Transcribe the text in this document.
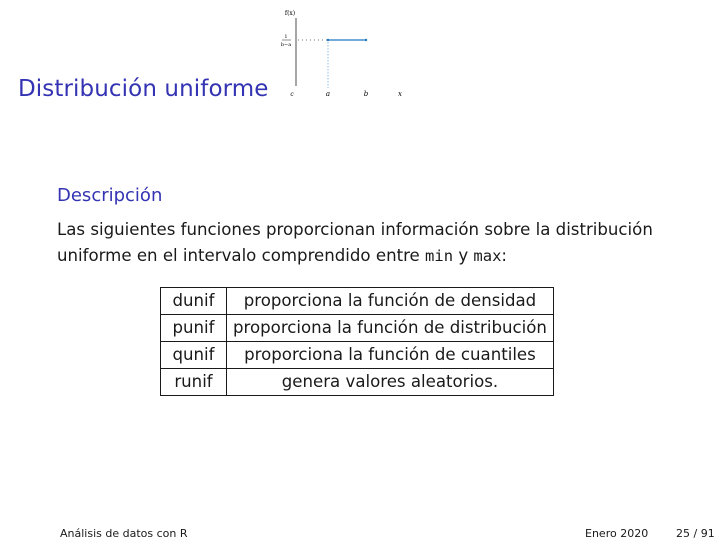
Distribución uniforme
f(x)
1
b−a
c	a	b	x
Descripción
Las siguientes funciones proporcionan información sobre la distribución uniforme en el intervalo comprendido entre min y max:
dunif	proporciona la función de densidad
punif	proporciona la función de distribución
qunif	proporciona la función de cuantiles
runif	genera valores aleatorios.
Análisis de datos con R	Enero 2020	25 / 91
